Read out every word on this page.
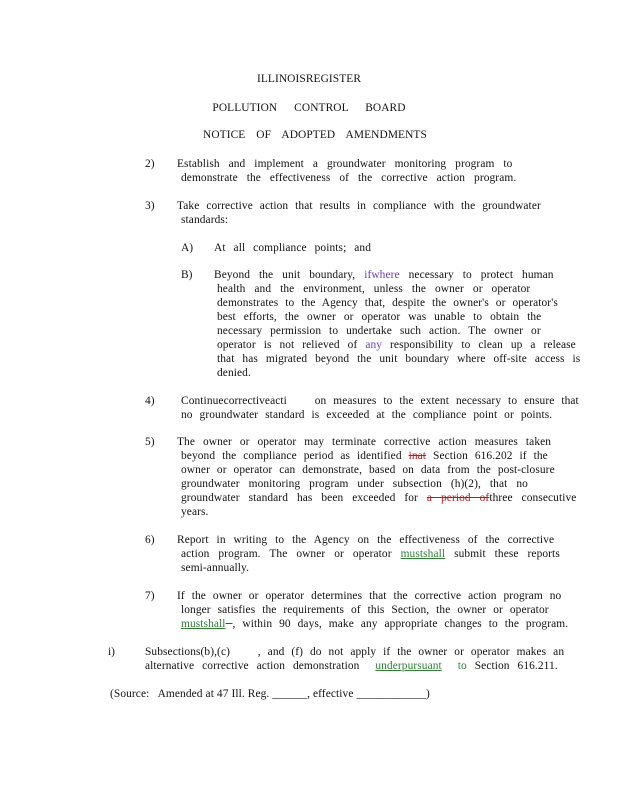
ILLINOISREGISTER
POLLUTION CONTROL BOARD
NOTICE OF ADOPTED AMENDMENTS
2) Establish and implement a groundwater monitoring program to
demonstrate the effectiveness of the corrective action program.
3) Take corrective action that results in compliance with the groundwater
standards:
A) At all compliance points; and
B) Beyond the unit boundary, ifwhere necessary to protect human
health and the environment, unless the owner or operator
demonstrates to the Agency that, despite the owner's or operator's
best efforts, the owner or operator was unable to obtain the
necessary permission to undertake such action. The owner or
operator is not relieved of any responsibility to clean up a release
that has migrated beyond the unit boundary where off-site access is
denied.
4) Continuecorrectiveacti    on measures to the extent necessary to ensure that
no groundwater standard is exceeded at the compliance point or points.
5) The owner or operator may terminate corrective action measures taken
beyond the compliance period as identified inat Section 616.202 if the
owner or operator can demonstrate, based on data from the post-closure
groundwater monitoring program under subsection (h)(2), that no
groundwater standard has been exceeded for a period ofthree consecutive
years.
6) Report in writing to the Agency on the effectiveness of the corrective
action program. The owner or operator mustshall submit these reports
semi-annually.
7) If the owner or operator determines that the corrective action program no
longer satisfies the requirements of this Section, the owner or operator
mustshall , within 90 days, make any appropriate changes to the program.
i)	Subsections(b),(c)    , and (f) do not apply if the owner or operator makes an
alternative corrective action demonstration underpursuant to Section 616.211.
(Source:   Amended at 47 Ill. Reg. ______, effective ____________)
